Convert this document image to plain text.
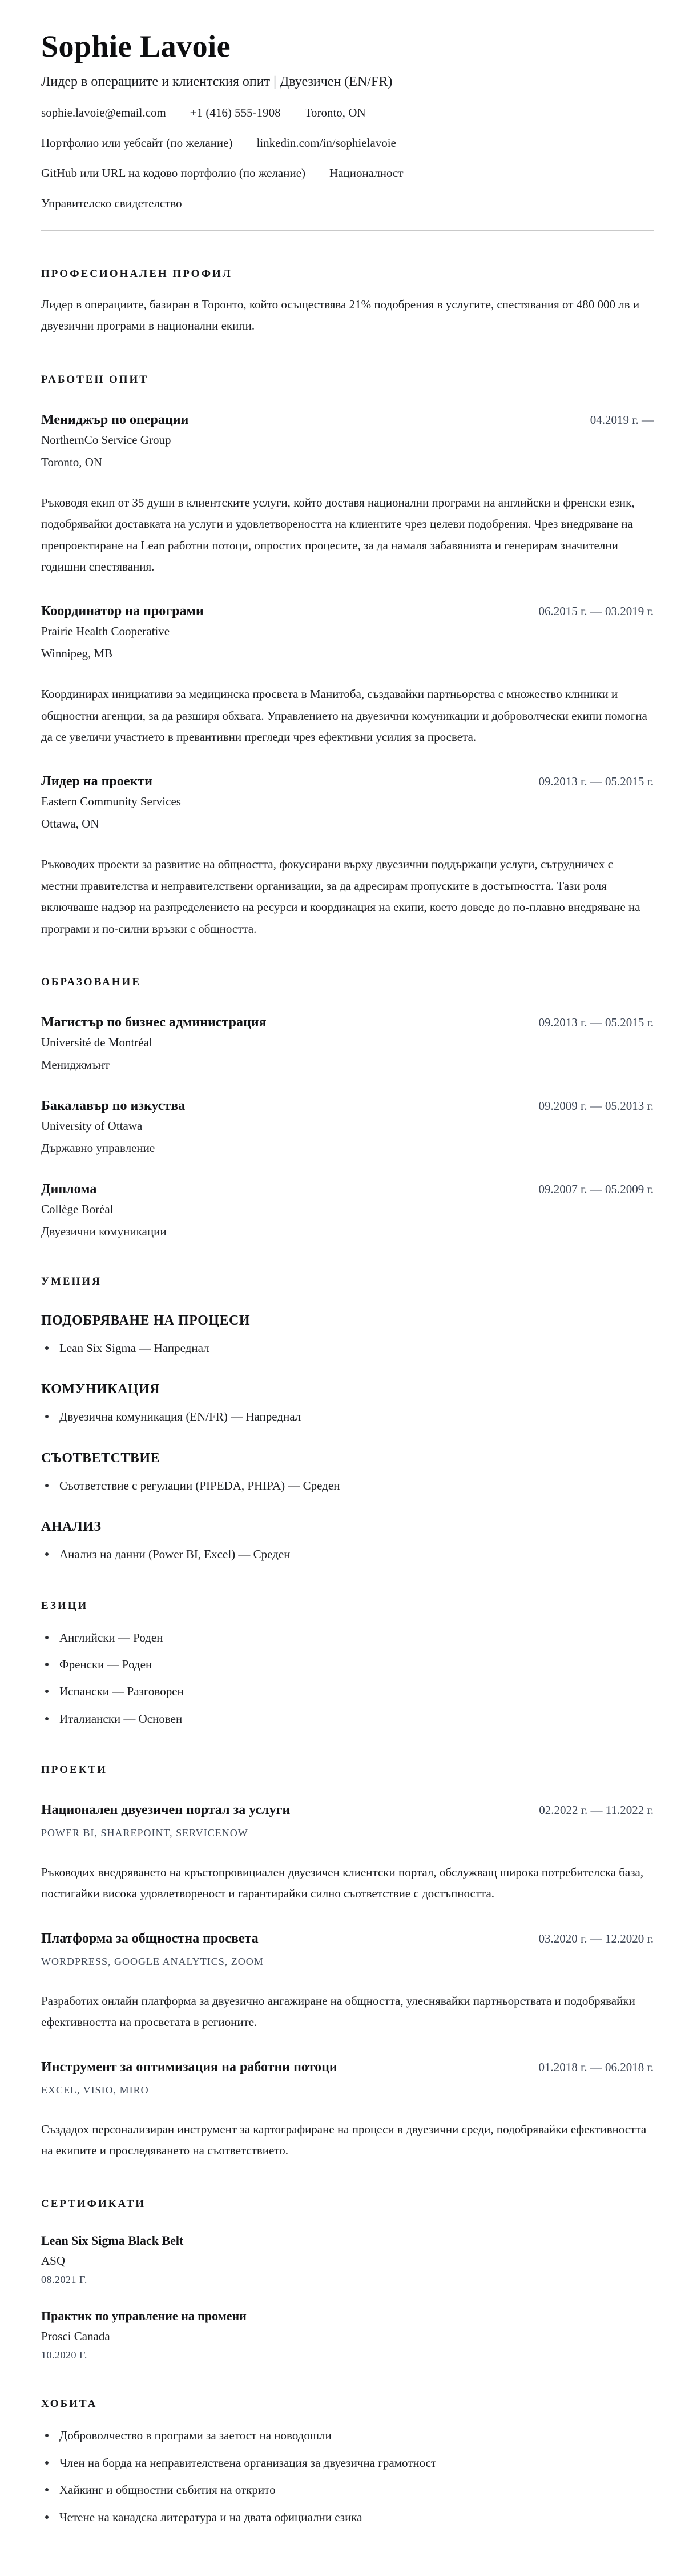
Sophie Lavoie
Лидер в операциите и клиентския опит | Двуезичен (EN/FR)
sophie.lavoie@email.com +1 (416) 555-1908 Toronto, ON
Портфолио или уебсайт (по желание) linkedin.com/in/sophielavoie
GitHub или URL на кодово портфолио (по желание) Националност
Управителско свидетелство
ПРОФЕСИОНАЛЕН ПРОФИЛ

Лидер в операциите, базиран в Торонто, който осъществява 21% подобрения в услугите, спестявания от 480 000 лв и двуезични програми в национални екипи.

РАБОТЕН ОПИТ
Мениджър по операции	04.2019 г. —
NorthernCo Service Group
Toronto, ON

Ръководя екип от 35 души в клиентските услуги, който доставя национални програми на английски и френски език, подобрявайки доставката на услуги и удовлетвореността на клиентите чрез целеви подобрения. Чрез внедряване на препроектиране на Lean работни потоци, опростих процесите, за да намаля забавянията и генерирам значителни годишни спестявания.

Координатор на програми	06.2015 г. — 03.2019 г.
Prairie Health Cooperative
Winnipeg, MB

Координирах инициативи за медицинска просвета в Манитоба, създавайки партньорства с множество клиники и общностни агенции, за да разширя обхвата. Управлението на двуезични комуникации и доброволчески екипи помогна да се увеличи участието в превантивни прегледи чрез ефективни усилия за просвета.

Лидер на проекти	09.2013 г. — 05.2015 г.
Eastern Community Services
Ottawa, ON

Ръководих проекти за развитие на общността, фокусирани върху двуезични поддържащи услуги, сътрудничех с местни правителства и неправителствени организации, за да адресирам пропуските в достъпността. Тази роля включваше надзор на разпределението на ресурси и координация на екипи, което доведе до по-плавно внедряване на програми и по-силни връзки с общността.

ОБРАЗОВАНИЕ
Магистър по бизнес администрация	09.2013 г. — 05.2015 г.
Université de Montréal
Мениджмънт
Бакалавър по изкуства	09.2009 г. — 05.2013 г.
University of Ottawa
Държавно управление
Диплома	09.2007 г. — 05.2009 г.
Collège Boréal
Двуезични комуникации
УМЕНИЯ
ПОДОБРЯВАНЕ НА ПРОЦЕСИ
Lean Six Sigma — Напреднал
КОМУНИКАЦИЯ
Двуезична комуникация (EN/FR) — Напреднал
СЪОТВЕТСТВИЕ
Съответствие с регулации (PIPEDA, PHIPA) — Среден
АНАЛИЗ
Анализ на данни (Power BI, Excel) — Среден
ЕЗИЦИ
Английски — Роден
Френски — Роден
Испански — Разговорен
Италиански — Основен
ПРОЕКТИ
Национален двуезичен портал за услуги	02.2022 г. — 11.2022 г.
POWER BI, SHAREPOINT, SERVICENOW

Ръководих внедряването на кръстопровициален двуезичен клиентски портал, обслужващ широка потребителска база, постигайки висока удовлетвореност и гарантирайки силно съответствие с достъпността.

Платформа за общностна просвета	03.2020 г. — 12.2020 г.
WORDPRESS, GOOGLE ANALYTICS, ZOOM

Разработих онлайн платформа за двуезично ангажиране на общността, улеснявайки партньорствата и подобрявайки ефективността на просветата в регионите.

Инструмент за оптимизация на работни потоци	01.2018 г. — 06.2018 г.
EXCEL, VISIO, MIRO

Създадох персонализиран инструмент за картографиране на процеси в двуезични среди, подобрявайки ефективността на екипите и проследяването на съответствието.

СЕРТИФИКАТИ
Lean Six Sigma Black Belt
ASQ
08.2021 Г.
Практик по управление на промени
Prosci Canada
10.2020 Г.
ХОБИТА
Доброволчество в програми за заетост на новодошли
Член на борда на неправителствена организация за двуезична грамотност
Хайкинг и общностни събития на открито
Четене на канадска литература и на двата официални езика
